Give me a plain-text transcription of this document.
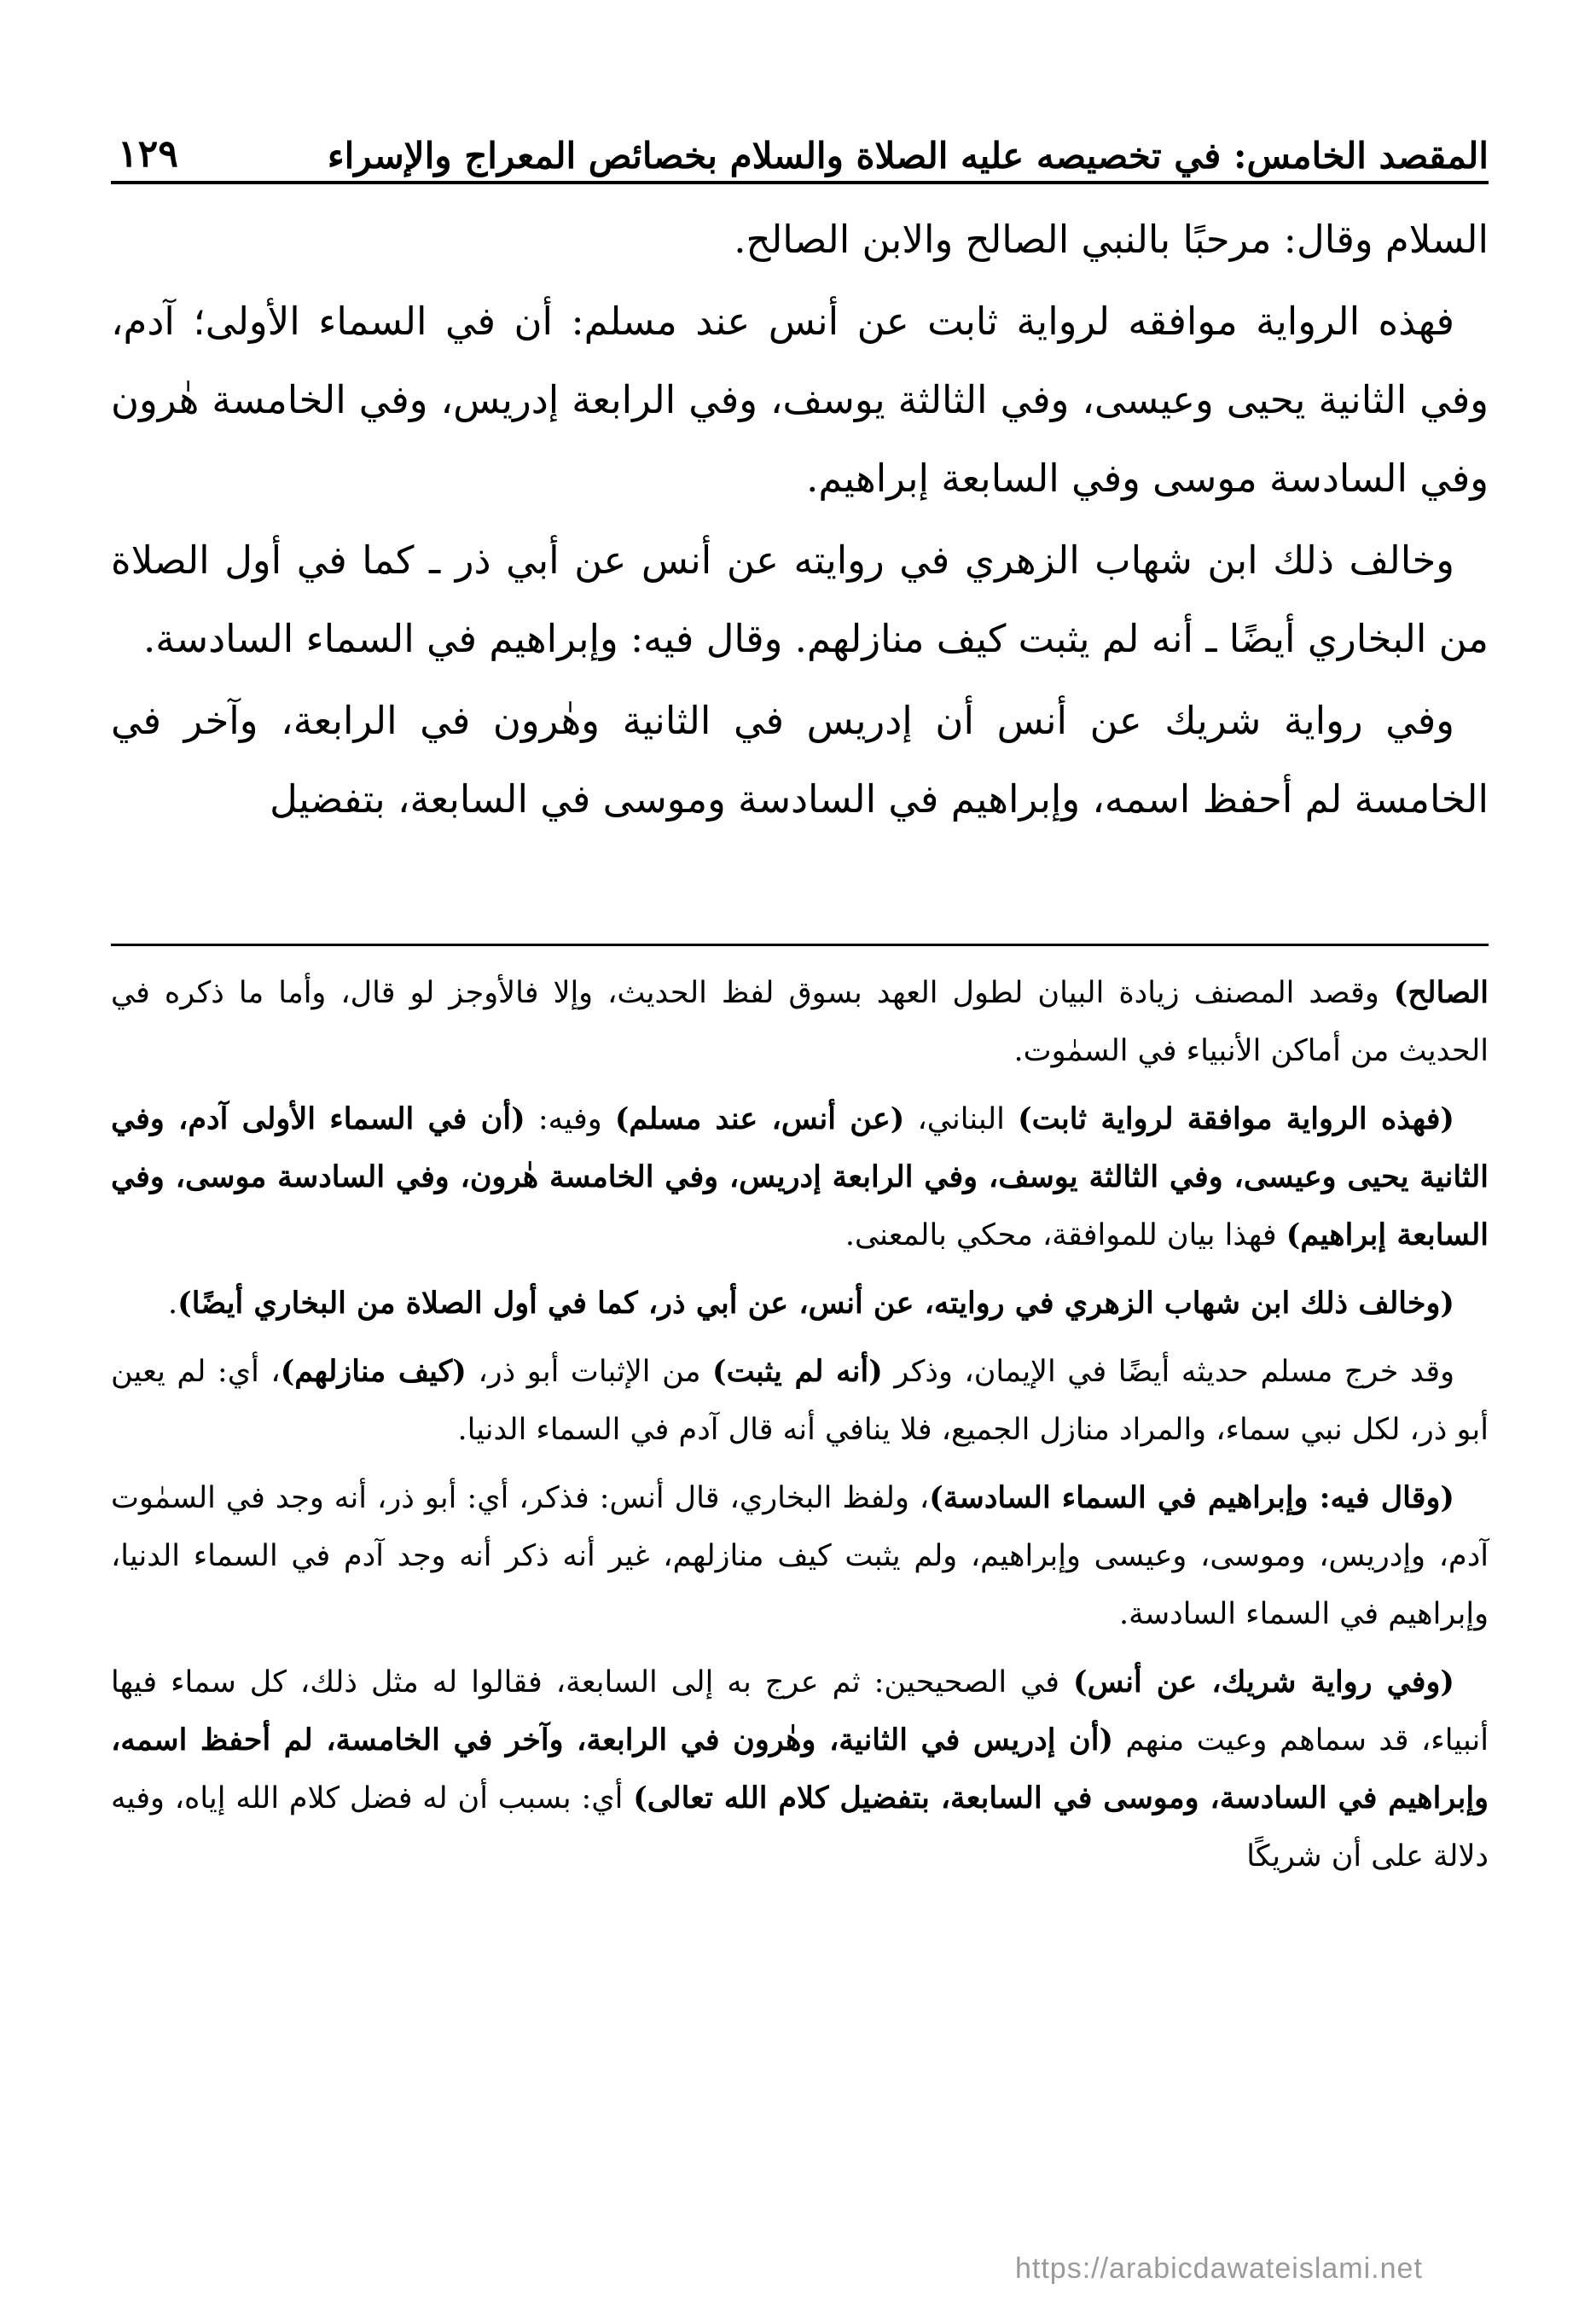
المقصد الخامس: في تخصيصه عليه الصلاة والسلام بخصائص المعراج والإسراء
١٢٩

السلام وقال: مرحبًا بالنبي الصالح والابن الصالح.

فهذه الرواية موافقه لرواية ثابت عن أنس عند مسلم: أن في السماء الأولى؛ آدم، وفي الثانية يحيى وعيسى، وفي الثالثة يوسف، وفي الرابعة إدريس، وفي الخامسة هٰرون وفي السادسة موسى وفي السابعة إبراهيم.

وخالف ذلك ابن شهاب الزهري في روايته عن أنس عن أبي ذر ـ كما في أول الصلاة من البخاري أيضًا ـ أنه لم يثبت كيف منازلهم. وقال فيه: وإبراهيم في السماء السادسة.

وفي رواية شريك عن أنس أن إدريس في الثانية وهٰرون في الرابعة، وآخر في الخامسة لم أحفظ اسمه، وإبراهيم في السادسة وموسى في السابعة، بتفضيل

الصالح) وقصد المصنف زيادة البيان لطول العهد بسوق لفظ الحديث، وإلا فالأوجز لو قال، وأما ما ذكره في الحديث من أماكن الأنبياء في السمٰوت.

(فهذه الرواية موافقة لرواية ثابت) البناني، (عن أنس، عند مسلم) وفيه: (أن في السماء الأولى آدم، وفي الثانية يحيى وعيسى، وفي الثالثة يوسف، وفي الرابعة إدريس، وفي الخامسة هٰرون، وفي السادسة موسى، وفي السابعة إبراهيم) فهذا بيان للموافقة، محكي بالمعنى.

(وخالف ذلك ابن شهاب الزهري في روايته، عن أنس، عن أبي ذر، كما في أول الصلاة من البخاري أيضًا).

وقد خرج مسلم حديثه أيضًا في الإيمان، وذكر (أنه لم يثبت) من الإثبات أبو ذر، (كيف منازلهم)، أي: لم يعين أبو ذر، لكل نبي سماء، والمراد منازل الجميع، فلا ينافي أنه قال آدم في السماء الدنيا.

(وقال فيه: وإبراهيم في السماء السادسة)، ولفظ البخاري، قال أنس: فذكر، أي: أبو ذر، أنه وجد في السمٰوت آدم، وإدريس، وموسى، وعيسى وإبراهيم، ولم يثبت كيف منازلهم، غير أنه ذكر أنه وجد آدم في السماء الدنيا، وإبراهيم في السماء السادسة.

(وفي رواية شريك، عن أنس) في الصحيحين: ثم عرج به إلى السابعة، فقالوا له مثل ذلك، كل سماء فيها أنبياء، قد سماهم وعيت منهم (أن إدريس في الثانية، وهٰرون في الرابعة، وآخر في الخامسة، لم أحفظ اسمه، وإبراهيم في السادسة، وموسى في السابعة، بتفضيل كلام الله تعالى) أي: بسبب أن له فضل كلام الله إياه، وفيه دلالة على أن شريكًا

https://arabicdawateislami.net
